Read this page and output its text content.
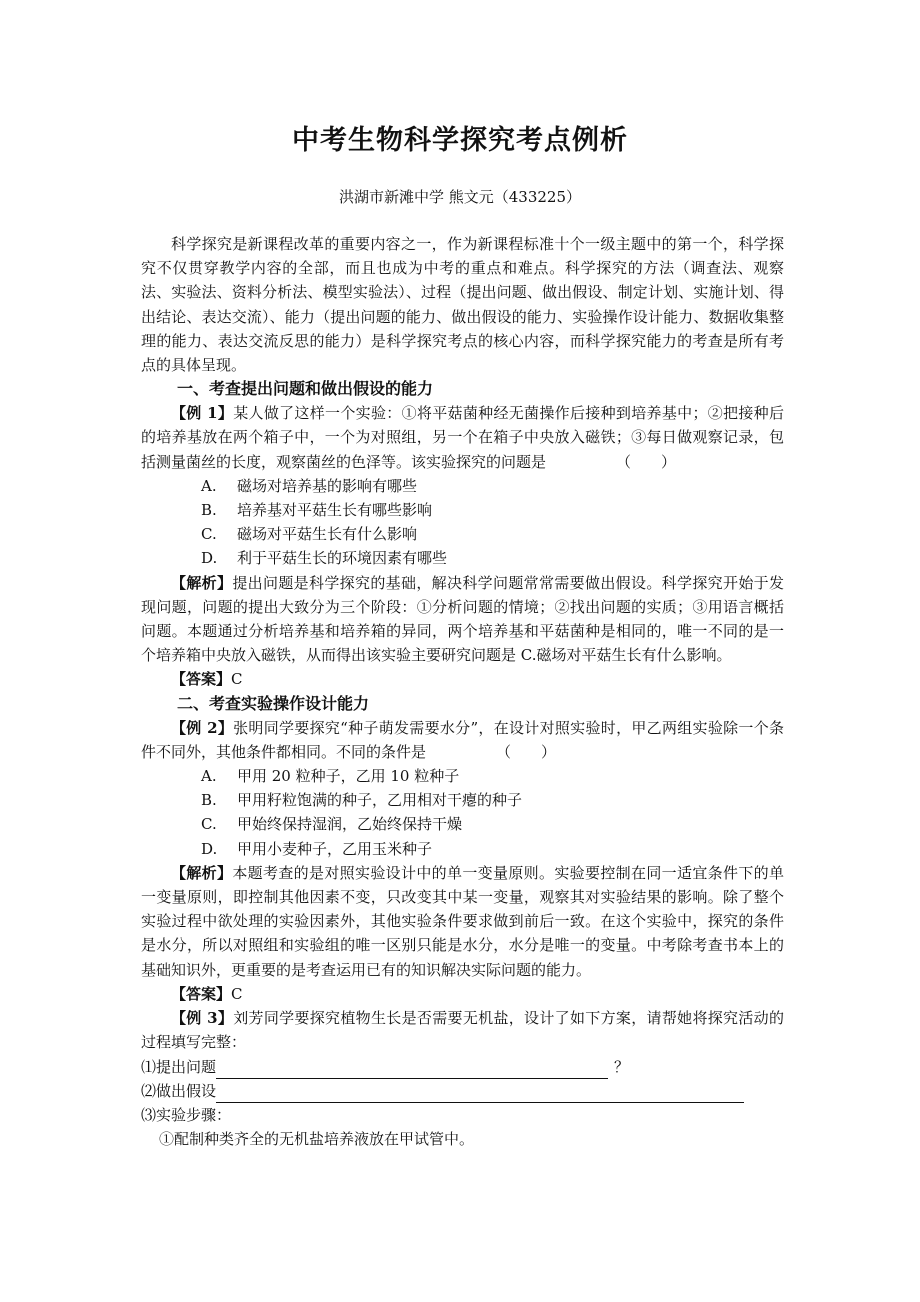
中考生物科学探究考点例析
洪湖市新滩中学 熊文元（433225）

科学探究是新课程改革的重要内容之一，作为新课程标准十个一级主题中的第一个，科学探究不仅贯穿教学内容的全部，而且也成为中考的重点和难点。科学探究的方法（调查法、观察法、实验法、资料分析法、模型实验法）、过程（提出问题、做出假设、制定计划、实施计划、得出结论、表达交流）、能力（提出问题的能力、做出假设的能力、实验操作设计能力、数据收集整理的能力、表达交流反思的能力）是科学探究考点的核心内容，而科学探究能力的考查是所有考点的具体呈现。

一、考查提出问题和做出假设的能力

【例 1】某人做了这样一个实验：①将平菇菌种经无菌操作后接种到培养基中；②把接种后的培养基放在两个箱子中，一个为对照组，另一个在箱子中央放入磁铁；③每日做观察记录，包括测量菌丝的长度，观察菌丝的色泽等。该实验探究的问题是	（　　）

A. 磁场对培养基的影响有哪些

B. 培养基对平菇生长有哪些影响

C. 磁场对平菇生长有什么影响

D. 利于平菇生长的环境因素有哪些

【解析】提出问题是科学探究的基础，解决科学问题常常需要做出假设。科学探究开始于发现问题，问题的提出大致分为三个阶段：①分析问题的情境；②找出问题的实质；③用语言概括问题。本题通过分析培养基和培养箱的异同，两个培养基和平菇菌种是相同的，唯一不同的是一个培养箱中央放入磁铁，从而得出该实验主要研究问题是 C.磁场对平菇生长有什么影响。

【答案】C

二、考查实验操作设计能力

【例 2】张明同学要探究“种子萌发需要水分”，在设计对照实验时，甲乙两组实验除一个条件不同外，其他条件都相同。不同的条件是	（　　）

A. 甲用 20 粒种子，乙用 10 粒种子

B. 甲用籽粒饱满的种子，乙用相对干瘪的种子

C. 甲始终保持湿润，乙始终保持干燥

D. 甲用小麦种子，乙用玉米种子

【解析】本题考查的是对照实验设计中的单一变量原则。实验要控制在同一适宜条件下的单一变量原则，即控制其他因素不变，只改变其中某一变量，观察其对实验结果的影响。除了整个实验过程中欲处理的实验因素外，其他实验条件要求做到前后一致。在这个实验中，探究的条件是水分，所以对照组和实验组的唯一区别只能是水分，水分是唯一的变量。中考除考查书本上的基础知识外，更重要的是考查运用已有的知识解决实际问题的能力。

【答案】C

【例 3】刘芳同学要探究植物生长是否需要无机盐，设计了如下方案，请帮她将探究活动的过程填写完整：

⑴提出问题	？

⑵做出假设

⑶实验步骤：

①配制种类齐全的无机盐培养液放在甲试管中。
